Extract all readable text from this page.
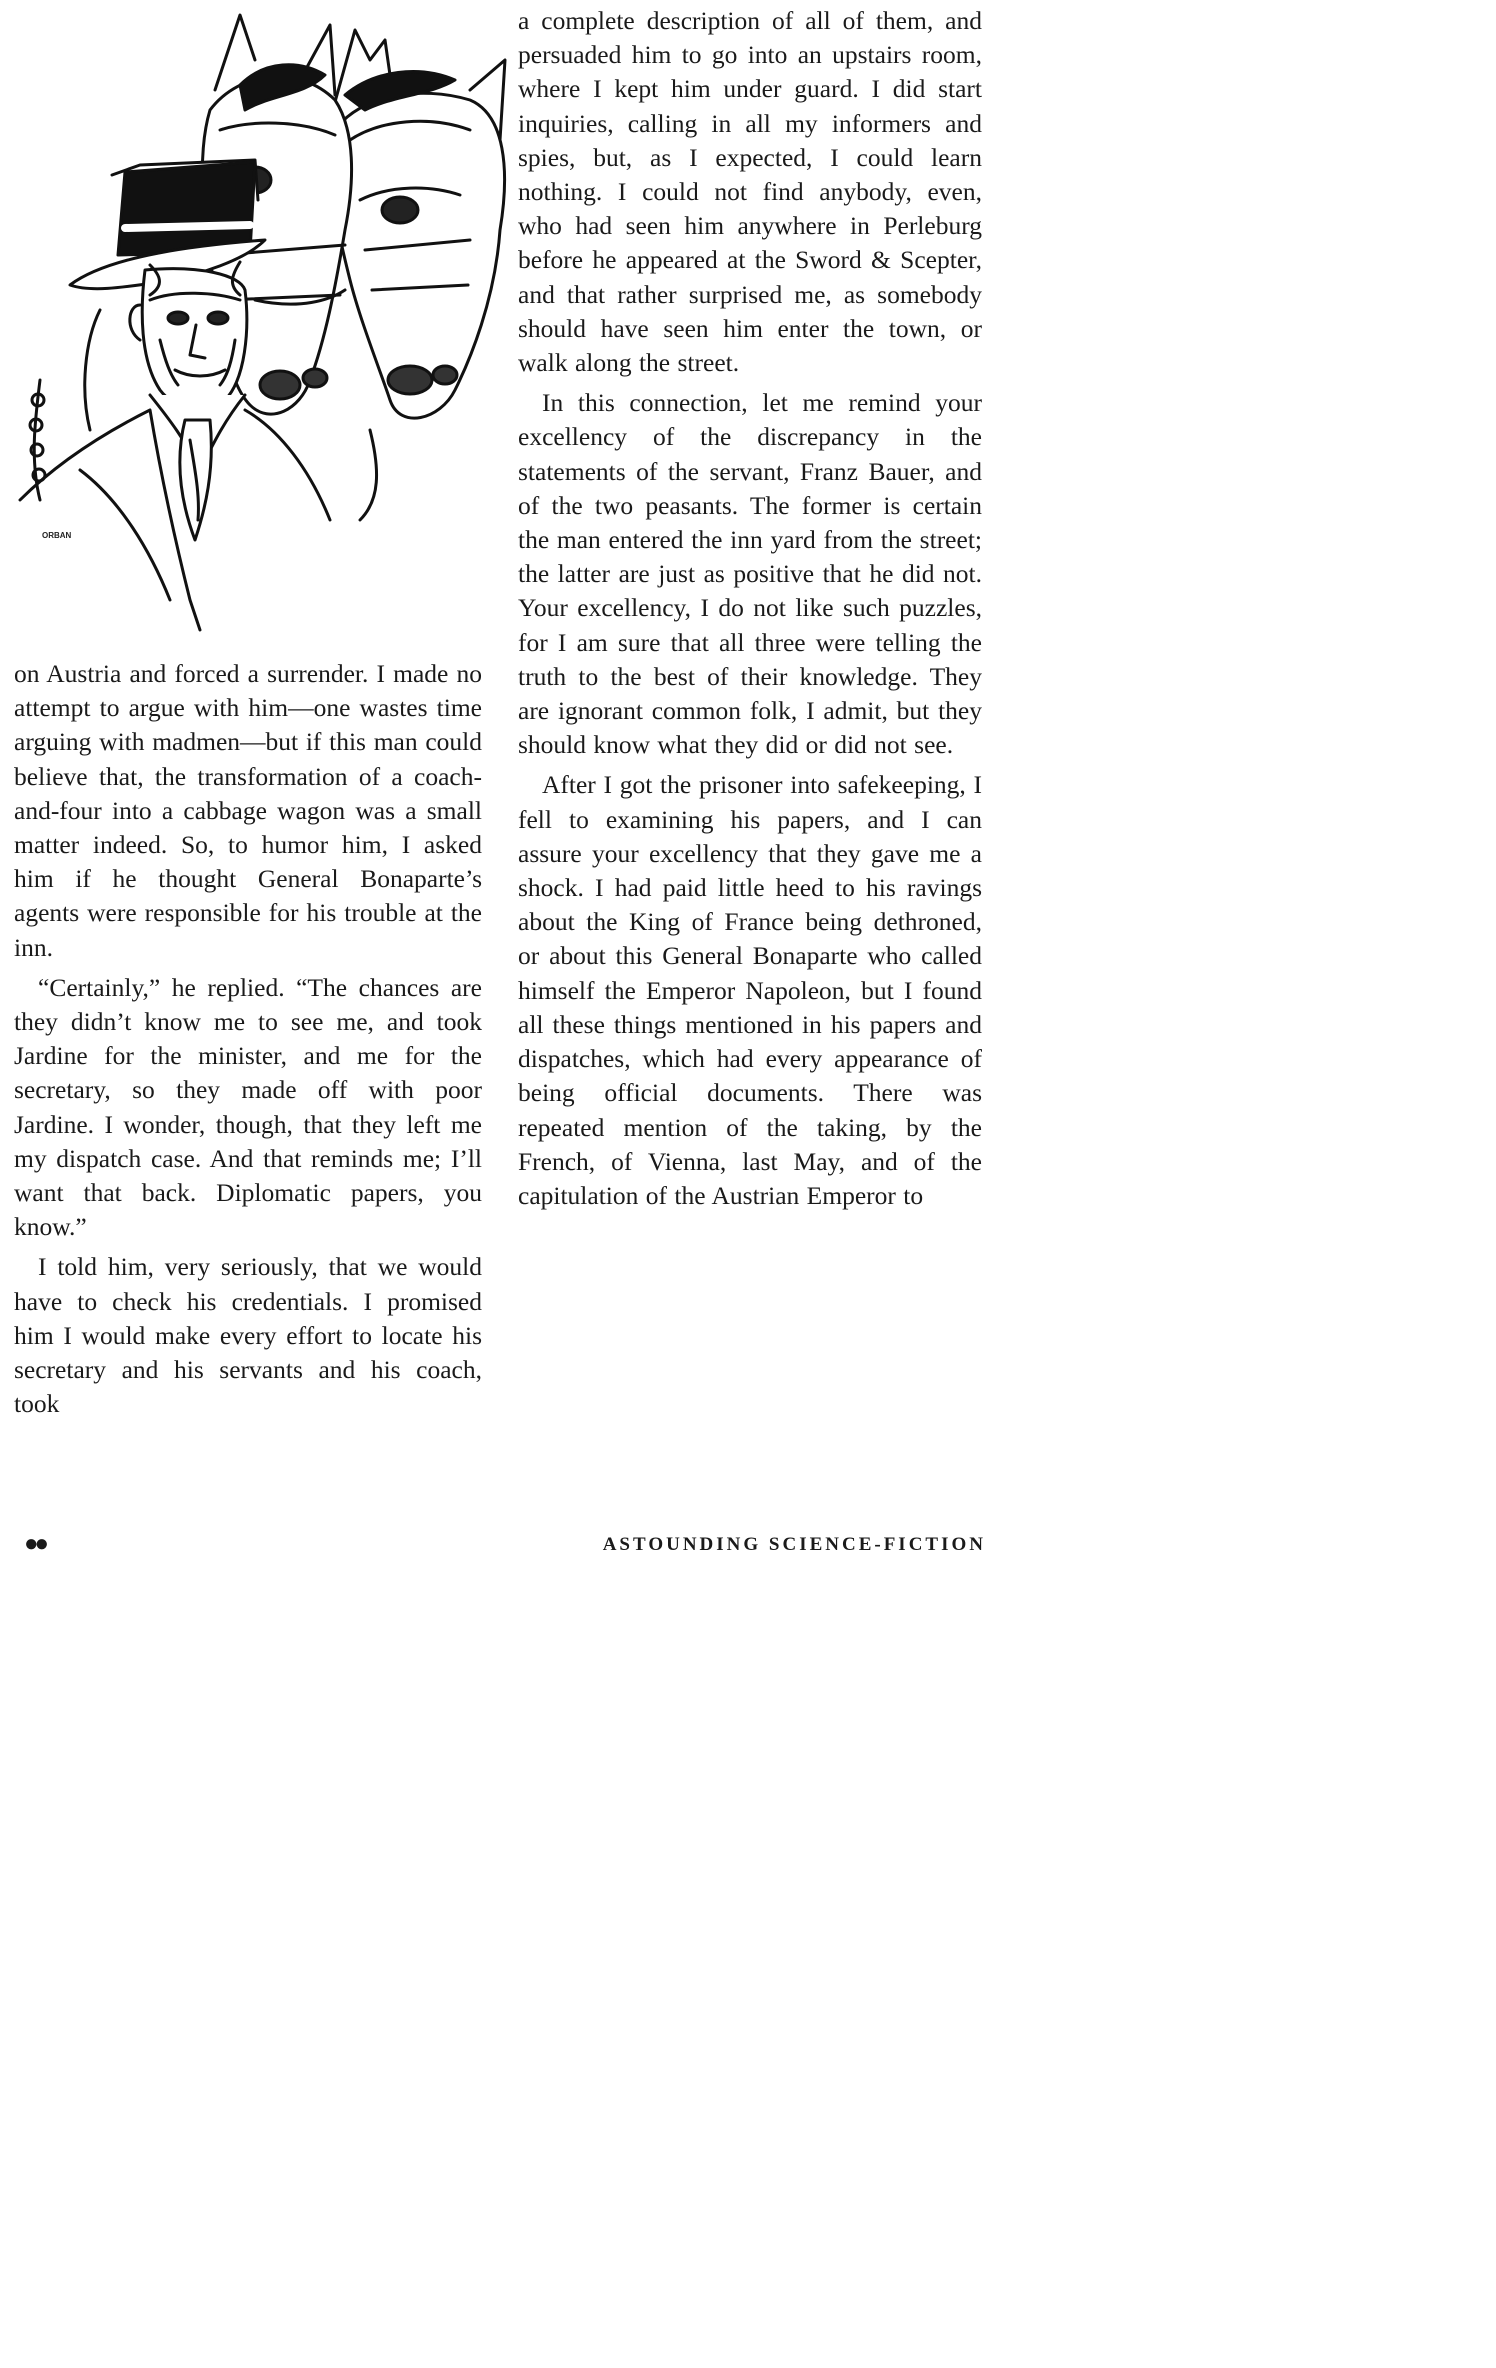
ORBAN

on Austria and forced a surrender. I made no attempt to argue with him—one wastes time arguing with madmen—but if this man could believe that, the transformation of a coach-and-four into a cabbage wagon was a small matter indeed. So, to humor him, I asked him if he thought General Bonaparte’s agents were responsible for his trouble at the inn.

“Certainly,” he replied. “The chances are they didn’t know me to see me, and took Jardine for the minister, and me for the secretary, so they made off with poor Jardine. I wonder, though, that they left me my dispatch case. And that reminds me; I’ll want that back. Diplomatic papers, you know.”

I told him, very seriously, that we would have to check his credentials. I promised him I would make every effort to locate his secretary and his servants and his coach, took

a complete description of all of them, and persuaded him to go into an upstairs room, where I kept him under guard. I did start inquiries, calling in all my informers and spies, but, as I expected, I could learn nothing. I could not find anybody, even, who had seen him anywhere in Perleburg before he appeared at the Sword & Scepter, and that rather surprised me, as somebody should have seen him enter the town, or walk along the street.

In this connection, let me remind your excellency of the discrepancy in the statements of the servant, Franz Bauer, and of the two peasants. The former is certain the man entered the inn yard from the street; the latter are just as positive that he did not. Your excellency, I do not like such puzzles, for I am sure that all three were telling the truth to the best of their knowledge. They are ignorant common folk, I admit, but they should know what they did or did not see.

After I got the prisoner into safekeeping, I fell to examining his papers, and I can assure your excellency that they gave me a shock. I had paid little heed to his ravings about the King of France being dethroned, or about this General Bonaparte who called himself the Emperor Napoleon, but I found all these things mentioned in his papers and dispatches, which had every appearance of being official documents. There was repeated mention of the taking, by the French, of Vienna, last May, and of the capitulation of the Austrian Emperor to

●●	ASTOUNDING SCIENCE-FICTION
